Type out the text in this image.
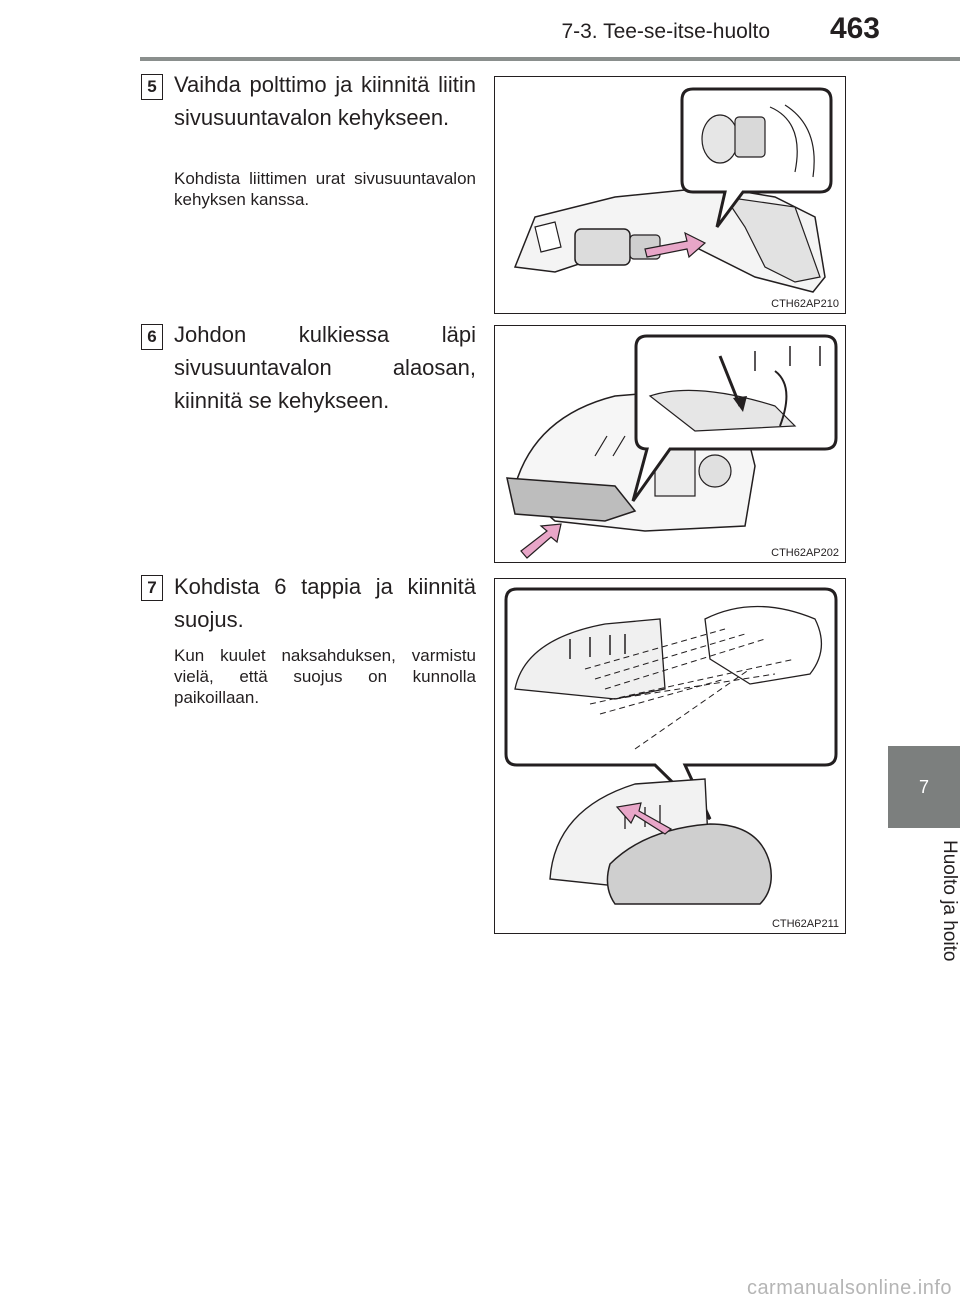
7-3. Tee-se-itse-huolto	463
7
Huolto ja hoito
5 Vaihda polttimo ja kiinnitä liitin sivusuuntavalon kehykseen.
Kohdista liittimen urat sivusuuntavalon kehyksen kanssa.
CTH62AP210
6 Johdon kulkiessa läpi sivusuuntavalon alaosan, kiinnitä se kehykseen.
CTH62AP202
7 Kohdista 6 tappia ja kiinnitä suojus.
Kun kuulet naksahduksen, varmistu vielä, että suojus on kunnolla paikoillaan.
CTH62AP211
carmanualsonline.info
